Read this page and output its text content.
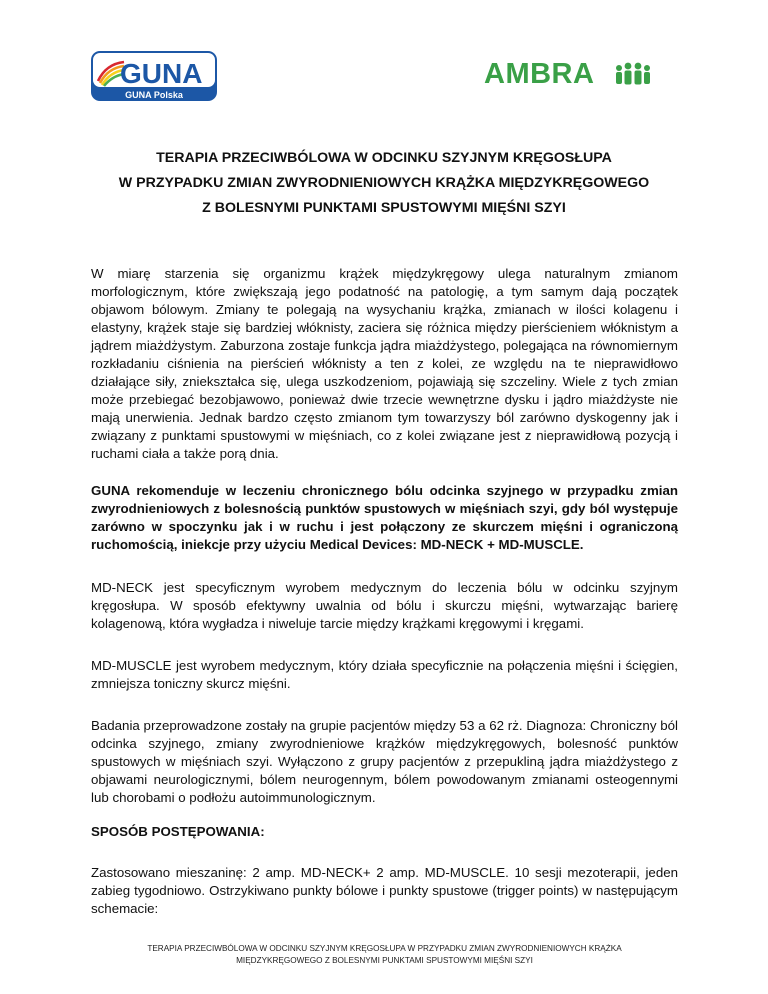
GUNA
GUNA Polska
AMBRA
TERAPIA PRZECIWBÓLOWA W ODCINKU SZYJNYM KRĘGOSŁUPA
W PRZYPADKU ZMIAN ZWYRODNIENIOWYCH KRĄŻKA MIĘDZYKRĘGOWEGO
Z BOLESNYMI PUNKTAMI SPUSTOWYMI MIĘŚNI SZYI
W miarę starzenia się organizmu krążek międzykręgowy ulega naturalnym zmianom morfologicznym, które zwiększają jego podatność na patologię, a tym samym dają początek objawom bólowym. Zmiany te polegają na wysychaniu krążka, zmianach w ilości kolagenu i elastyny, krążek staje się bardziej włóknisty, zaciera się różnica między pierścieniem włóknistym a jądrem miażdżystym. Zaburzona zostaje funkcja jądra miażdżystego, polegająca na równomiernym rozkładaniu ciśnienia na pierścień włóknisty a ten z kolei, ze względu na te nieprawidłowo działające siły, zniekształca się, ulega uszkodzeniom, pojawiają się szczeliny. Wiele z tych zmian może przebiegać bezobjawowo, ponieważ dwie trzecie wewnętrzne dysku i jądro miażdżyste nie mają unerwienia. Jednak bardzo często zmianom tym towarzyszy ból zarówno dyskogenny jak i związany z punktami spustowymi w mięśniach, co z kolei związane jest z nieprawidłową pozycją i ruchami ciała a także porą dnia.
GUNA rekomenduje w leczeniu chronicznego bólu odcinka szyjnego w przypadku zmian zwyrodnieniowych z bolesnością punktów spustowych w mięśniach szyi, gdy ból występuje zarówno w spoczynku jak i w ruchu i jest połączony ze skurczem mięśni i ograniczoną ruchomością, iniekcje przy użyciu Medical Devices: MD-NECK + MD-MUSCLE.
MD-NECK jest specyficznym wyrobem medycznym do leczenia bólu w odcinku szyjnym kręgosłupa. W sposób efektywny uwalnia od bólu i skurczu mięśni, wytwarzając barierę kolagenową, która wygładza i niweluje tarcie między krążkami kręgowymi i kręgami.
MD-MUSCLE jest wyrobem medycznym, który działa specyficznie na połączenia mięśni i ścięgien, zmniejsza toniczny skurcz mięśni.
Badania przeprowadzone zostały na grupie pacjentów między 53 a 62 rż. Diagnoza: Chroniczny ból odcinka szyjnego, zmiany zwyrodnieniowe krążków międzykręgowych, bolesność punktów spustowych w mięśniach szyi. Wyłączono z grupy pacjentów z przepukliną jądra miażdżystego z objawami neurologicznymi, bólem neurogennym, bólem powodowanym zmianami osteogennymi lub chorobami o podłożu autoimmunologicznym.
SPOSÓB POSTĘPOWANIA:
Zastosowano mieszaninę: 2 amp. MD-NECK+ 2 amp. MD-MUSCLE. 10 sesji mezoterapii, jeden zabieg tygodniowo. Ostrzykiwano punkty bólowe i punkty spustowe (trigger points) w następującym schemacie:
TERAPIA PRZECIWBÓLOWA W ODCINKU SZYJNYM KRĘGOSŁUPA W PRZYPADKU ZMIAN ZWYRODNIENIOWYCH KRĄŻKA
MIĘDZYKRĘGOWEGO Z BOLESNYMI PUNKTAMI SPUSTOWYMI MIĘŚNI SZYI
